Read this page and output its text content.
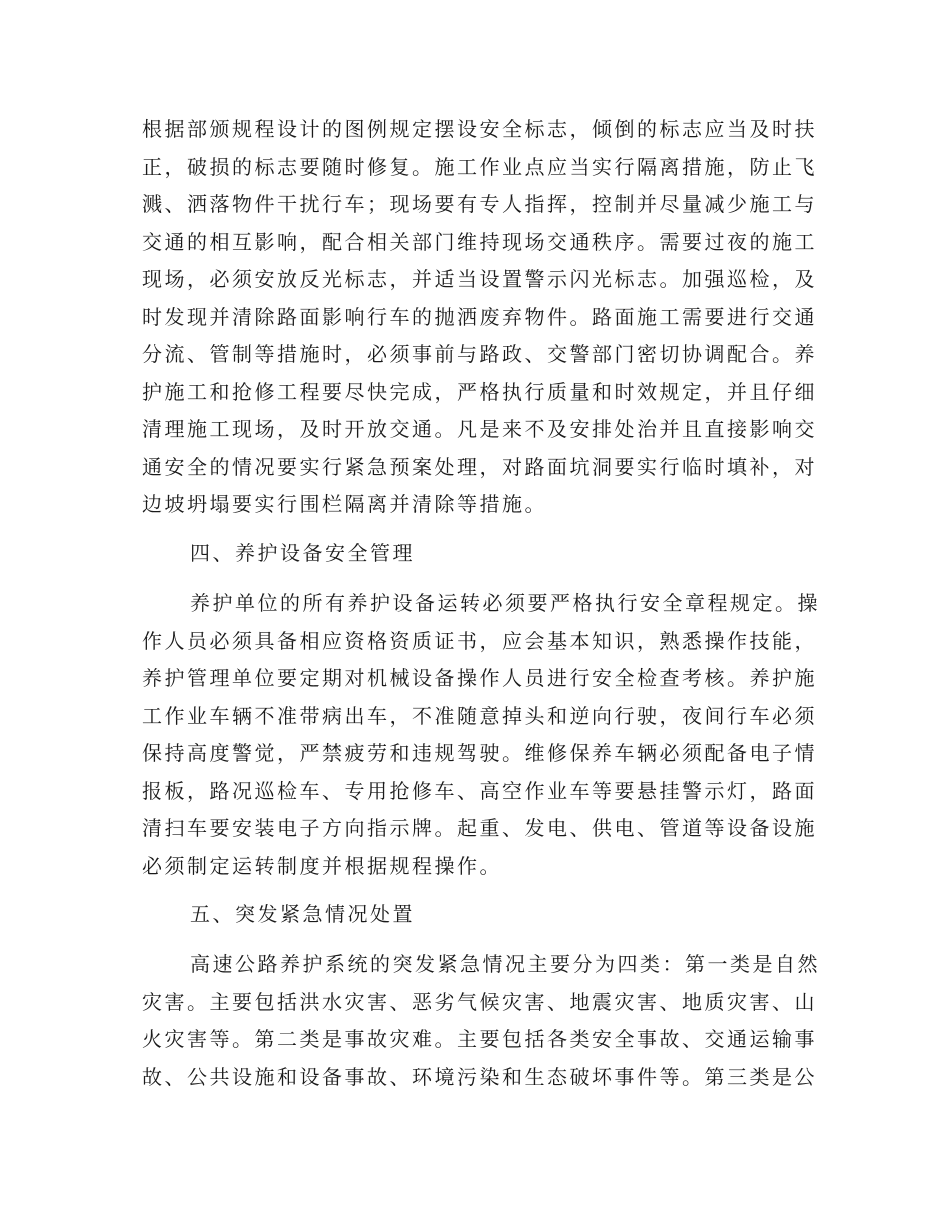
根据部颁规程设计的图例规定摆设安全标志，倾倒的标志应当及时扶
正，破损的标志要随时修复。施工作业点应当实行隔离措施，防止飞
溅、洒落物件干扰行车；现场要有专人指挥，控制并尽量减少施工与
交通的相互影响，配合相关部门维持现场交通秩序。需要过夜的施工
现场，必须安放反光标志，并适当设置警示闪光标志。加强巡检，及
时发现并清除路面影响行车的抛洒废弃物件。路面施工需要进行交通
分流、管制等措施时，必须事前与路政、交警部门密切协调配合。养
护施工和抢修工程要尽快完成，严格执行质量和时效规定，并且仔细
清理施工现场，及时开放交通。凡是来不及安排处治并且直接影响交
通安全的情况要实行紧急预案处理，对路面坑洞要实行临时填补，对
边坡坍塌要实行围栏隔离并清除等措施。
四、养护设备安全管理
养护单位的所有养护设备运转必须要严格执行安全章程规定。操
作人员必须具备相应资格资质证书，应会基本知识，熟悉操作技能，
养护管理单位要定期对机械设备操作人员进行安全检查考核。养护施
工作业车辆不准带病出车，不准随意掉头和逆向行驶，夜间行车必须
保持高度警觉，严禁疲劳和违规驾驶。维修保养车辆必须配备电子情
报板，路况巡检车、专用抢修车、高空作业车等要悬挂警示灯，路面
清扫车要安装电子方向指示牌。起重、发电、供电、管道等设备设施
必须制定运转制度并根据规程操作。
五、突发紧急情况处置
高速公路养护系统的突发紧急情况主要分为四类：第一类是自然
灾害。主要包括洪水灾害、恶劣气候灾害、地震灾害、地质灾害、山
火灾害等。第二类是事故灾难。主要包括各类安全事故、交通运输事
故、公共设施和设备事故、环境污染和生态破坏事件等。第三类是公
